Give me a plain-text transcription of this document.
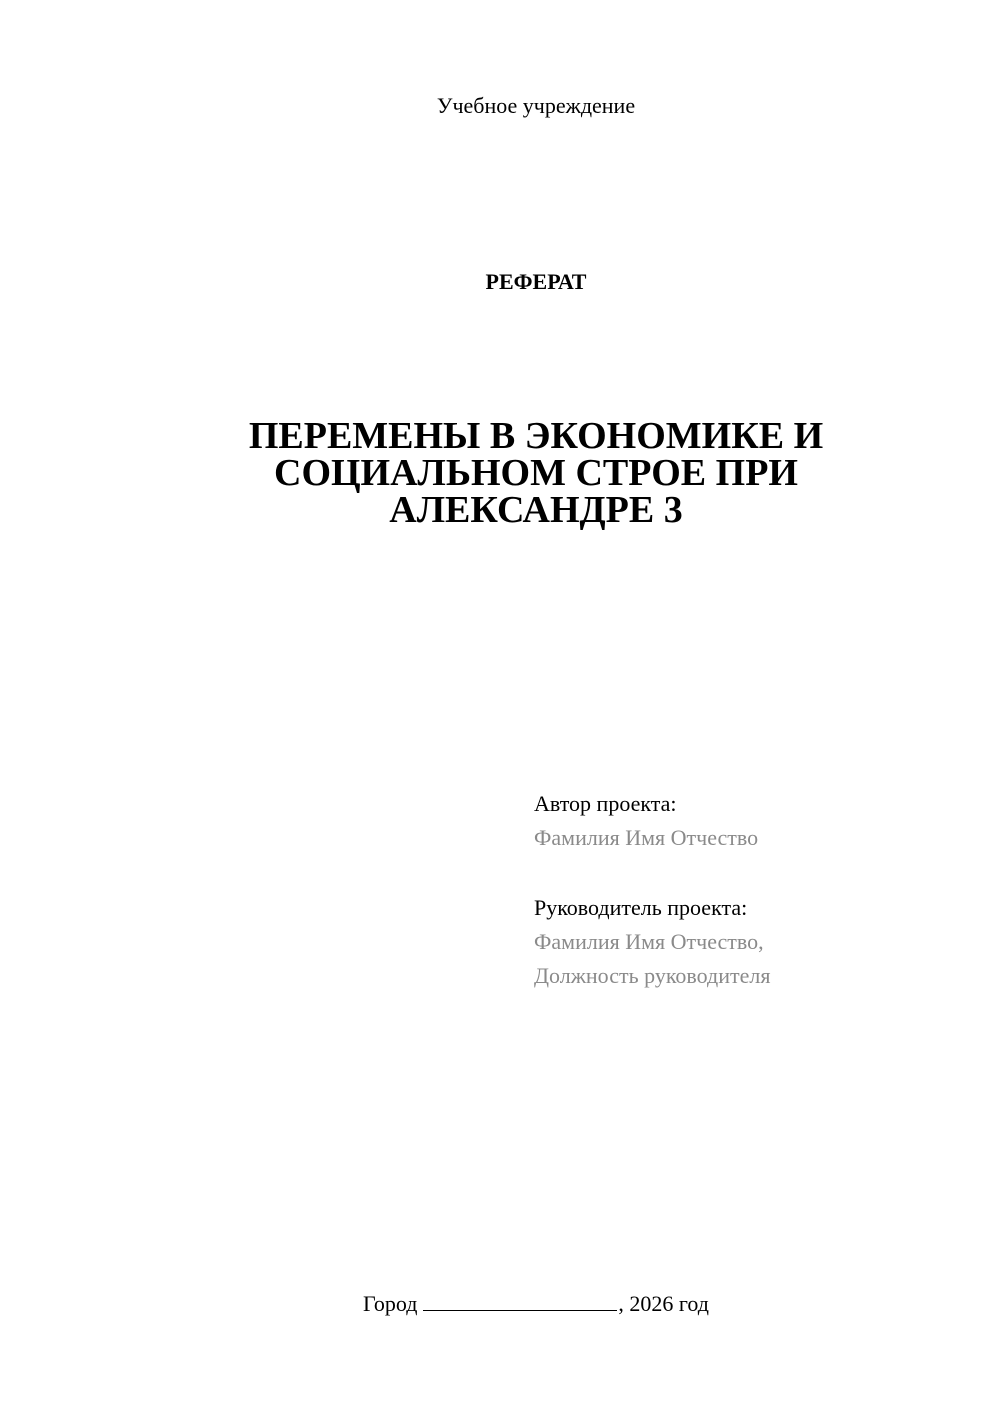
Учебное учреждение
РЕФЕРАТ
ПЕРЕМЕНЫ В ЭКОНОМИКЕ И
СОЦИАЛЬНОМ СТРОЕ ПРИ
АЛЕКСАНДРЕ 3
Автор проекта:
Фамилия Имя Отчество
Руководитель проекта:
Фамилия Имя Отчество,
Должность руководителя
Город	, 2026 год
